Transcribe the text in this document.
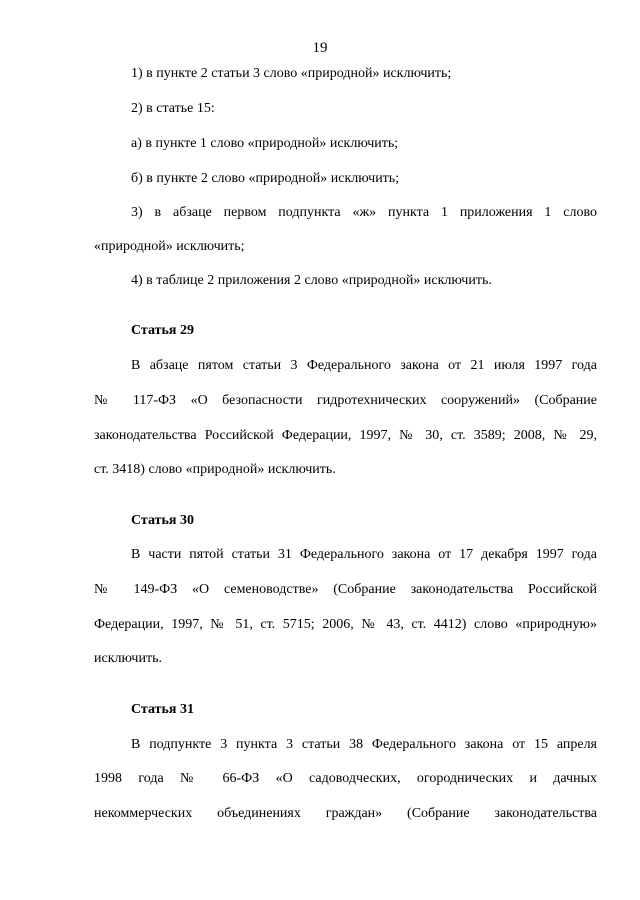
19
1) в пункте 2 статьи 3 слово «природной» исключить;
2) в статье 15:
а) в пункте 1 слово «природной» исключить;
б) в пункте 2 слово «природной» исключить;
3) в абзаце первом подпункта «ж» пункта 1 приложения 1 слово
«природной» исключить;
4) в таблице 2 приложения 2 слово «природной» исключить.
Статья 29
В абзаце пятом статьи 3 Федерального закона от 21 июля 1997 года
№ 117-ФЗ «О безопасности гидротехнических сооружений» (Собрание
законодательства Российской Федерации, 1997, № 30, ст. 3589; 2008, № 29,
ст. 3418) слово «природной» исключить.
Статья 30
В части пятой статьи 31 Федерального закона от 17 декабря 1997 года
№ 149-ФЗ «О семеноводстве» (Собрание законодательства Российской
Федерации, 1997, № 51, ст. 5715; 2006, № 43, ст. 4412) слово «природную»
исключить.
Статья 31
В подпункте 3 пункта 3 статьи 38 Федерального закона от 15 апреля
1998 года № 66-ФЗ «О садоводческих, огороднических и дачных
некоммерческих объединениях граждан» (Собрание законодательства
